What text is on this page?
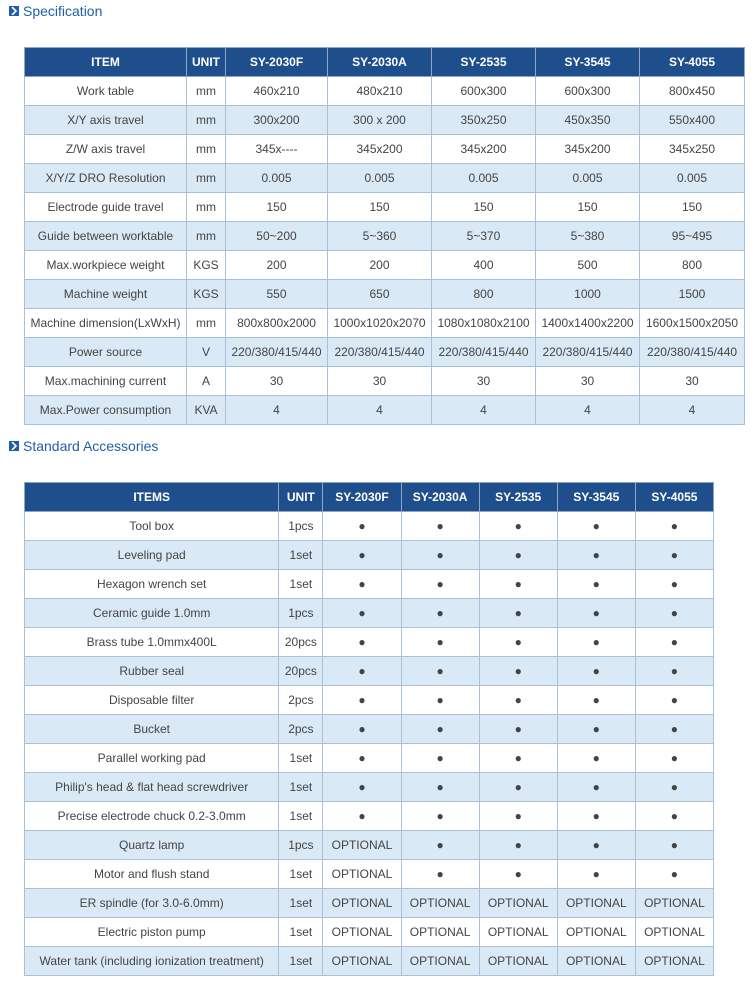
Specification
ITEM	UNIT	SY-2030F	SY-2030A	SY-2535	SY-3545	SY-4055
Work table	mm	460x210	480x210	600x300	600x300	800x450
X/Y axis travel	mm	300x200	300 x 200	350x250	450x350	550x400
Z/W axis travel	mm	345x----	345x200	345x200	345x200	345x250
X/Y/Z DRO Resolution	mm	0.005	0.005	0.005	0.005	0.005
Electrode guide travel	mm	150	150	150	150	150
Guide between worktable	mm	50~200	5~360	5~370	5~380	95~495
Max.workpiece weight	KGS	200	200	400	500	800
Machine weight	KGS	550	650	800	1000	1500
Machine dimension(LxWxH)	mm	800x800x2000	1000x1020x2070	1080x1080x2100	1400x1400x2200	1600x1500x2050
Power source	V	220/380/415/440	220/380/415/440	220/380/415/440	220/380/415/440	220/380/415/440
Max.machining current	A	30	30	30	30	30
Max.Power consumption	KVA	4	4	4	4	4
Standard Accessories
ITEMS	UNIT	SY-2030F	SY-2030A	SY-2535	SY-3545	SY-4055
Tool box	1pcs	●	●	●	●	●
Leveling pad	1set	●	●	●	●	●
Hexagon wrench set	1set	●	●	●	●	●
Ceramic guide 1.0mm	1pcs	●	●	●	●	●
Brass tube 1.0mmx400L	20pcs	●	●	●	●	●
Rubber seal	20pcs	●	●	●	●	●
Disposable filter	2pcs	●	●	●	●	●
Bucket	2pcs	●	●	●	●	●
Parallel working pad	1set	●	●	●	●	●
Philip's head & flat head screwdriver	1set	●	●	●	●	●
Precise electrode chuck 0.2-3.0mm	1set	●	●	●	●	●
Quartz lamp	1pcs	OPTIONAL	●	●	●	●
Motor and flush stand	1set	OPTIONAL	●	●	●	●
ER spindle (for 3.0-6.0mm)	1set	OPTIONAL	OPTIONAL	OPTIONAL	OPTIONAL	OPTIONAL
Electric piston pump	1set	OPTIONAL	OPTIONAL	OPTIONAL	OPTIONAL	OPTIONAL
Water tank (including ionization treatment)	1set	OPTIONAL	OPTIONAL	OPTIONAL	OPTIONAL	OPTIONAL
